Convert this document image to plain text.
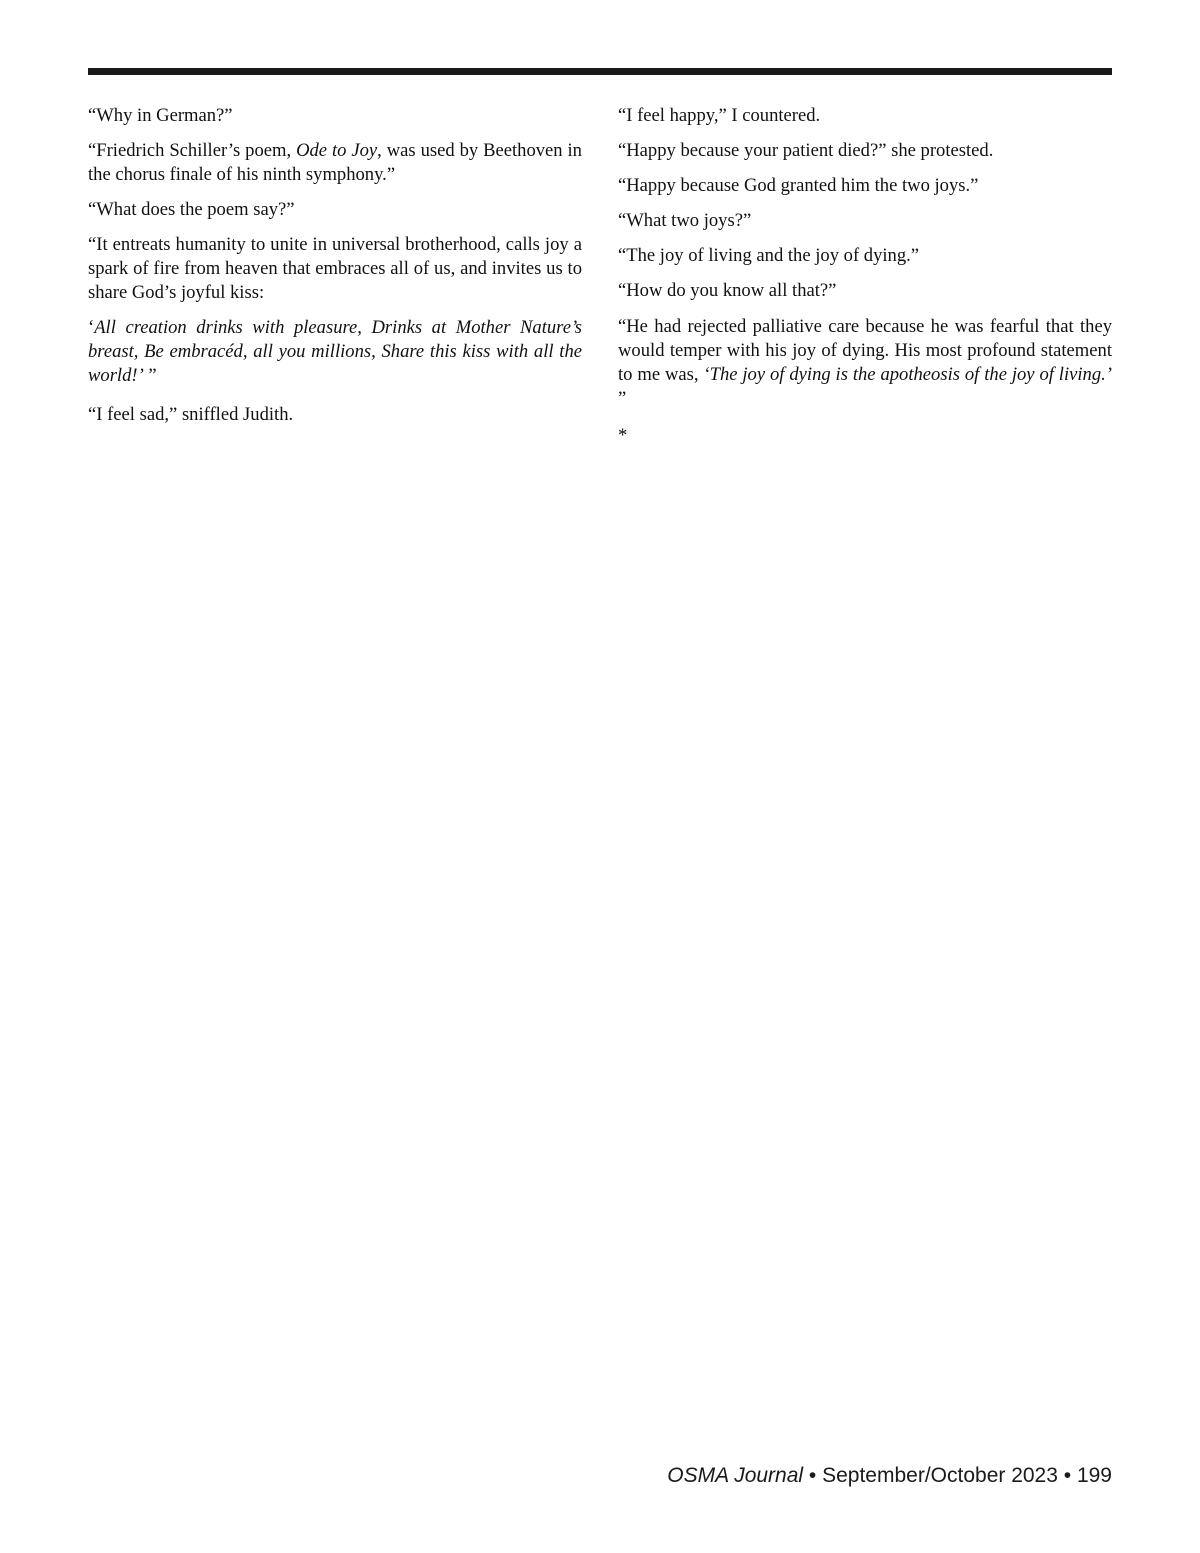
“Why in German?”

“Friedrich Schiller’s poem, Ode to Joy, was used by Beethoven in the chorus finale of his ninth symphony.”

“What does the poem say?”

“It entreats humanity to unite in universal brotherhood, calls joy a spark of fire from heaven that embraces all of us, and invites us to share God’s joyful kiss:

‘All creation drinks with pleasure, Drinks at Mother Nature’s breast, Be embracéd, all you millions, Share this kiss with all the world!’ ”

“I feel sad,” sniffled Judith.

“I feel happy,” I countered.

“Happy because your patient died?” she protested.

“Happy because God granted him the two joys.”

“What two joys?”

“The joy of living and the joy of dying.”

“How do you know all that?”

“He had rejected palliative care because he was fearful that they would temper with his joy of dying. His most profound statement to me was, ‘The joy of dying is the apotheosis of the joy of living.’ ”

*

OSMA Journal • September/October 2023 • 199
